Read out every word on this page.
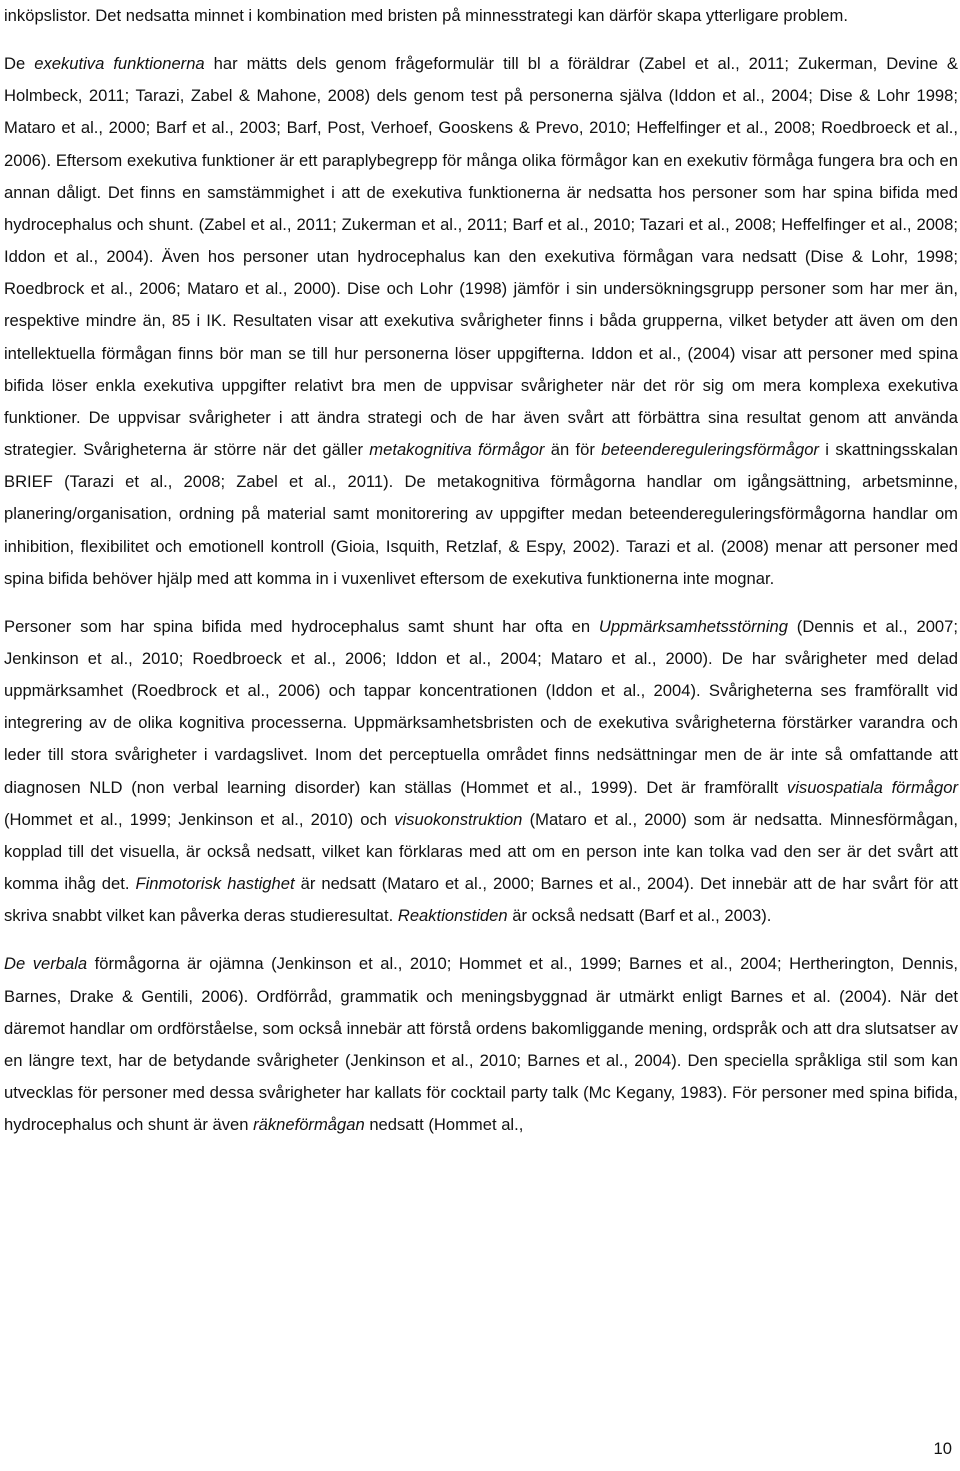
inköpslistor. Det nedsatta minnet i kombination med bristen på minnesstrategi kan därför skapa ytterligare problem.

De exekutiva funktionerna har mätts dels genom frågeformulär till bl a föräldrar (Zabel et al., 2011; Zukerman, Devine & Holmbeck, 2011; Tarazi, Zabel & Mahone, 2008) dels genom test på personerna själva (Iddon et al., 2004; Dise & Lohr 1998; Mataro et al., 2000; Barf et al., 2003; Barf, Post, Verhoef, Gooskens & Prevo, 2010; Heffelfinger et al., 2008; Roedbroeck et al., 2006). Eftersom exekutiva funktioner är ett paraplybegrepp för många olika förmågor kan en exekutiv förmåga fungera bra och en annan dåligt. Det finns en samstämmighet i att de exekutiva funktionerna är nedsatta hos personer som har spina bifida med hydrocephalus och shunt. (Zabel et al., 2011; Zukerman et al., 2011; Barf et al., 2010; Tazari et al., 2008; Heffelfinger et al., 2008; Iddon et al., 2004). Även hos personer utan hydrocephalus kan den exekutiva förmågan vara nedsatt (Dise & Lohr, 1998; Roedbrock et al., 2006; Mataro et al., 2000). Dise och Lohr (1998) jämför i sin undersökningsgrupp personer som har mer än, respektive mindre än, 85 i IK. Resultaten visar att exekutiva svårigheter finns i båda grupperna, vilket betyder att även om den intellektuella förmågan finns bör man se till hur personerna löser uppgifterna. Iddon et al., (2004) visar att personer med spina bifida löser enkla exekutiva uppgifter relativt bra men de uppvisar svårigheter när det rör sig om mera komplexa exekutiva funktioner. De uppvisar svårigheter i att ändra strategi och de har även svårt att förbättra sina resultat genom att använda strategier. Svårigheterna är större när det gäller metakognitiva förmågor än för beteendereguleringsförmågor i skattningsskalan BRIEF (Tarazi et al., 2008; Zabel et al., 2011). De metakognitiva förmågorna handlar om igångsättning, arbetsminne, planering/organisation, ordning på material samt monitorering av uppgifter medan beteendereguleringsförmågorna handlar om inhibition, flexibilitet och emotionell kontroll (Gioia, Isquith, Retzlaf, & Espy, 2002). Tarazi et al. (2008) menar att personer med spina bifida behöver hjälp med att komma in i vuxenlivet eftersom de exekutiva funktionerna inte mognar.

Personer som har spina bifida med hydrocephalus samt shunt har ofta en Uppmärksamhetsstörning (Dennis et al., 2007; Jenkinson et al., 2010; Roedbroeck et al., 2006; Iddon et al., 2004; Mataro et al., 2000). De har svårigheter med delad uppmärksamhet (Roedbrock et al., 2006) och tappar koncentrationen (Iddon et al., 2004). Svårigheterna ses framförallt vid integrering av de olika kognitiva processerna. Uppmärksamhetsbristen och de exekutiva svårigheterna förstärker varandra och leder till stora svårigheter i vardagslivet. Inom det perceptuella området finns nedsättningar men de är inte så omfattande att diagnosen NLD (non verbal learning disorder) kan ställas (Hommet et al., 1999). Det är framförallt visuospatiala förmågor (Hommet et al., 1999; Jenkinson et al., 2010) och visuokonstruktion (Mataro et al., 2000) som är nedsatta. Minnesförmågan, kopplad till det visuella, är också nedsatt, vilket kan förklaras med att om en person inte kan tolka vad den ser är det svårt att komma ihåg det. Finmotorisk hastighet är nedsatt (Mataro et al., 2000; Barnes et al., 2004). Det innebär att de har svårt för att skriva snabbt vilket kan påverka deras studieresultat. Reaktionstiden är också nedsatt (Barf et al., 2003).

De verbala förmågorna är ojämna (Jenkinson et al., 2010; Hommet et al., 1999; Barnes et al., 2004; Hertherington, Dennis, Barnes, Drake & Gentili, 2006). Ordförråd, grammatik och meningsbyggnad är utmärkt enligt Barnes et al. (2004). När det däremot handlar om ordförståelse, som också innebär att förstå ordens bakomliggande mening, ordspråk och att dra slutsatser av en längre text, har de betydande svårigheter (Jenkinson et al., 2010; Barnes et al., 2004). Den speciella språkliga stil som kan utvecklas för personer med dessa svårigheter har kallats för cocktail party talk (Mc Kegany, 1983). För personer med spina bifida, hydrocephalus och shunt är även räkneförmågan nedsatt (Hommet al.,

10
